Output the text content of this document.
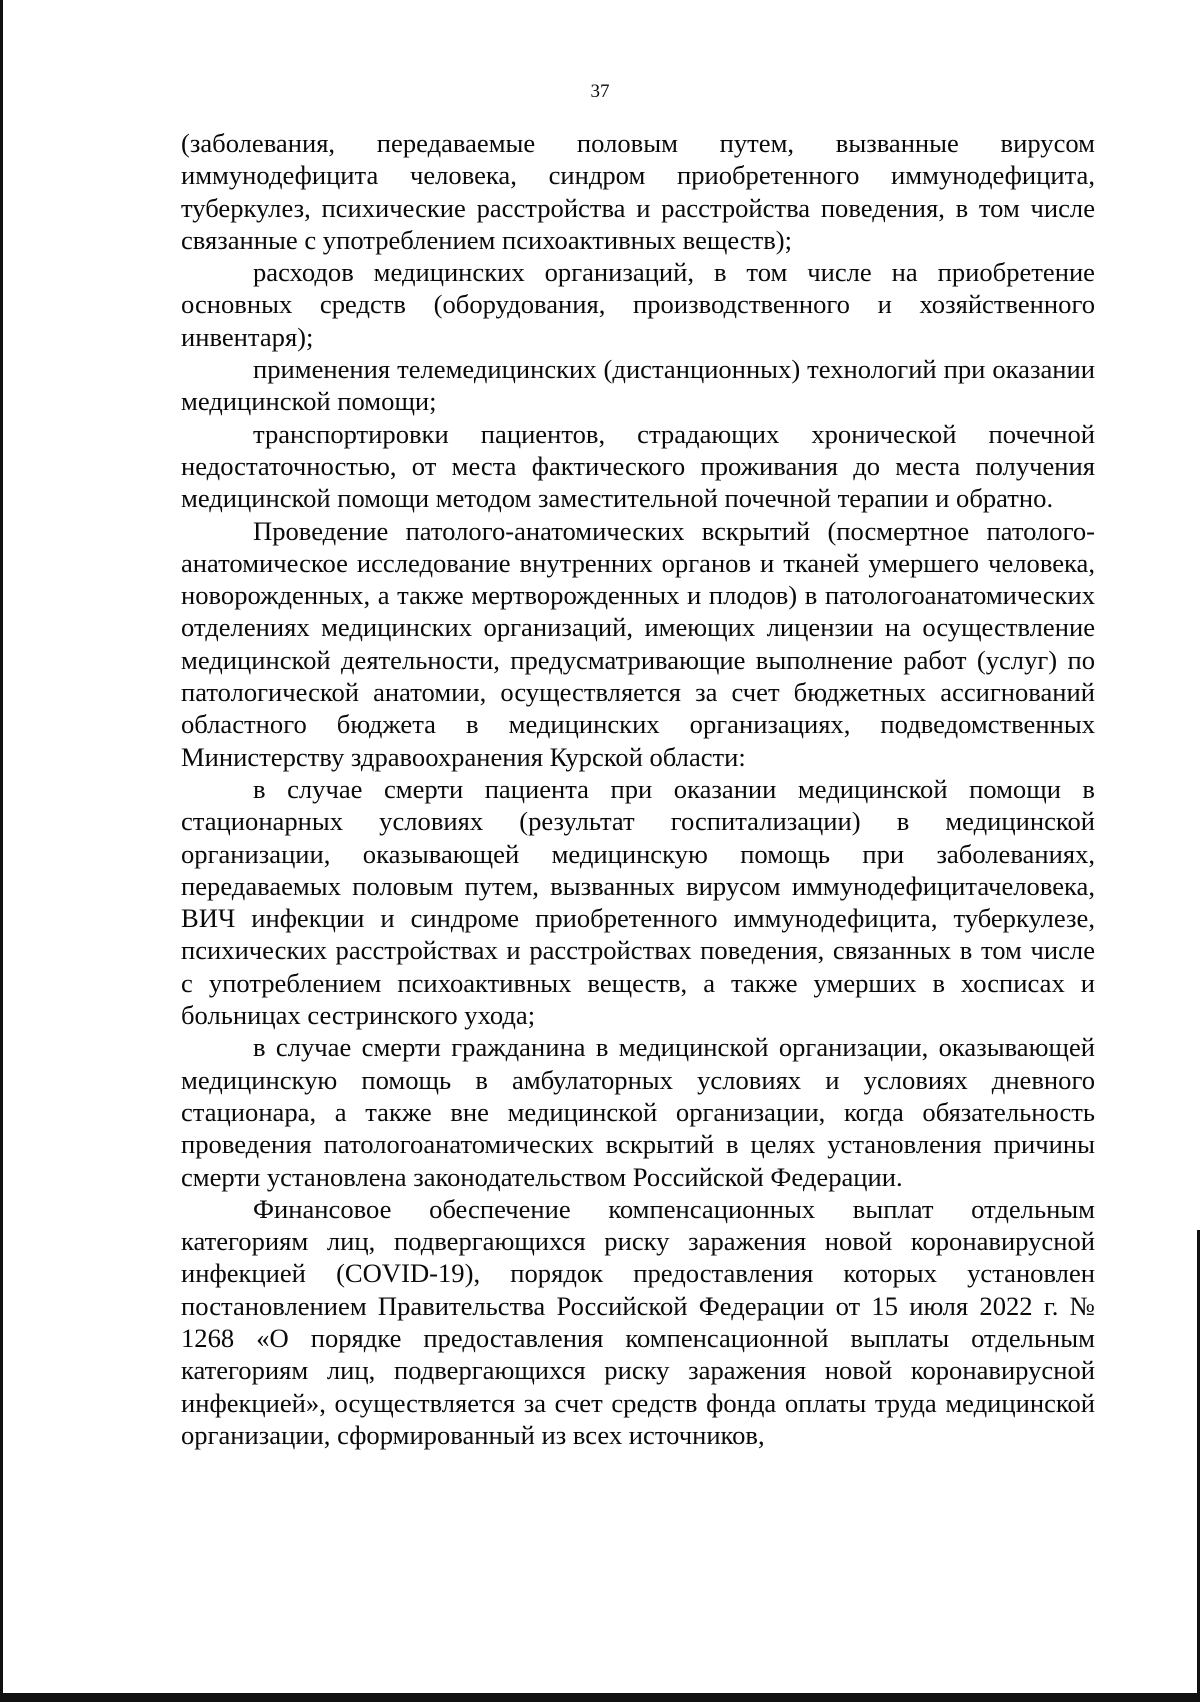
37

(заболевания, передаваемые половым путем, вызванные вирусом иммунодефицита человека, синдром приобретенного иммунодефицита, туберкулез, психические расстройства и расстройства поведения, в том числе связанные с употреблением психоактивных веществ);

расходов медицинских организаций, в том числе на приобретение основных средств (оборудования, производственного и хозяйственного инвентаря);

применения телемедицинских (дистанционных) технологий при оказании медицинской помощи;

транспортировки пациентов, страдающих хронической почечной недостаточностью, от места фактического проживания до места получения медицинской помощи методом заместительной почечной терапии и обратно.

Проведение патолого-анатомических вскрытий (посмертное патолого-анатомическое исследование внутренних органов и тканей умершего человека, новорожденных, а также мертворожденных и плодов) в патологоанатомических отделениях медицинских организаций, имеющих лицензии на осуществление медицинской деятельности, предусматривающие выполнение работ (услуг) по патологической анатомии, осуществляется за счет бюджетных ассигнований областного бюджета в медицинских организациях, подведомственных Министерству здравоохранения Курской области:

в случае смерти пациента при оказании медицинской помощи в стационарных условиях (результат госпитализации) в медицинской организации, оказывающей медицинскую помощь при заболеваниях, передаваемых половым путем, вызванных вирусом иммунодефицитачеловека, ВИЧ инфекции и синдроме приобретенного иммунодефицита, туберкулезе, психических расстройствах и расстройствах поведения, связанных в том числе с употреблением психоактивных веществ, а также умерших в хосписах и больницах сестринского ухода;

в случае смерти гражданина в медицинской организации, оказывающей медицинскую помощь в амбулаторных условиях и условиях дневного стационара, а также вне медицинской организации, когда обязательность проведения патологоанатомических вскрытий в целях установления причины смерти установлена законодательством Российской Федерации.

Финансовое обеспечение компенсационных выплат отдельным категориям лиц, подвергающихся риску заражения новой коронавирусной инфекцией (COVID-19), порядок предоставления которых установлен постановлением Правительства Российской Федерации от 15 июля 2022 г. № 1268 «О порядке предоставления компенсационной выплаты отдельным категориям лиц, подвергающихся риску заражения новой коронавирусной инфекцией», осуществляется за счет средств фонда оплаты труда медицинской организации, сформированный из всех источников,
